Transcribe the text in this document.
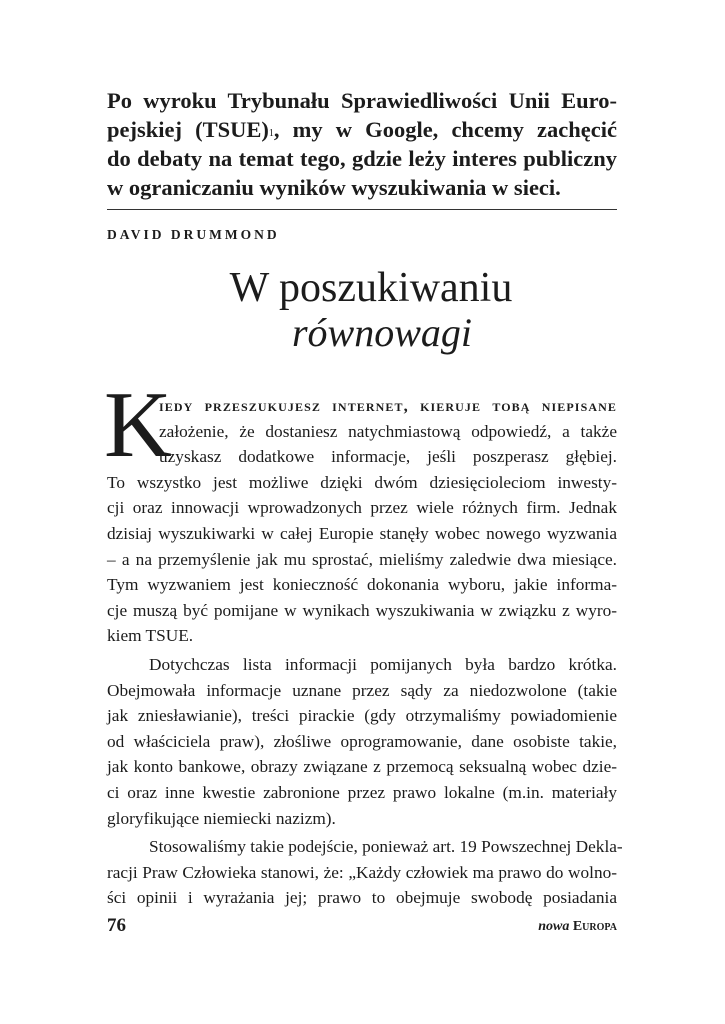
Po wyroku Trybunału Sprawiedliwości Unii Euro-
pejskiej (TSUE)$^1$, my w Google, chcemy zachęcić
do debaty na temat tego, gdzie leży interes publiczny
w ograniczaniu wyników wyszukiwania w sieci.
DAVID DRUMMOND
W poszukiwaniu
równowagi
K
iedy przeszukujesz internet, kieruje tobą niepisane
założenie, że dostaniesz natychmiastową odpowiedź, a także
uzyskasz dodatkowe informacje, jeśli poszperasz głębiej.
To wszystko jest możliwe dzięki dwóm dziesięcioleciom inwesty-
cji oraz innowacji wprowadzonych przez wiele różnych firm. Jednak
dzisiaj wyszukiwarki w całej Europie stanęły wobec nowego wyzwania
– a na przemyślenie jak mu sprostać, mieliśmy zaledwie dwa miesiące.
Tym wyzwaniem jest konieczność dokonania wyboru, jakie informa-
cje muszą być pomijane w wynikach wyszukiwania w związku z wyro-
kiem TSUE.
Dotychczas lista informacji pomijanych była bardzo krótka.
Obejmowała informacje uznane przez sądy za niedozwolone (takie
jak zniesławianie), treści pirackie (gdy otrzymaliśmy powiadomienie
od właściciela praw), złośliwe oprogramowanie, dane osobiste takie,
jak konto bankowe, obrazy związane z przemocą seksualną wobec dzie-
ci oraz inne kwestie zabronione przez prawo lokalne (m.in. materiały
gloryfikujące niemiecki nazizm).
Stosowaliśmy takie podejście, ponieważ art. 19 Powszechnej Dekla-
racji Praw Człowieka stanowi, że: „Każdy człowiek ma prawo do wolno-
ści opinii i wyrażania jej; prawo to obejmuje swobodę posiadania
76	nowa Europa
